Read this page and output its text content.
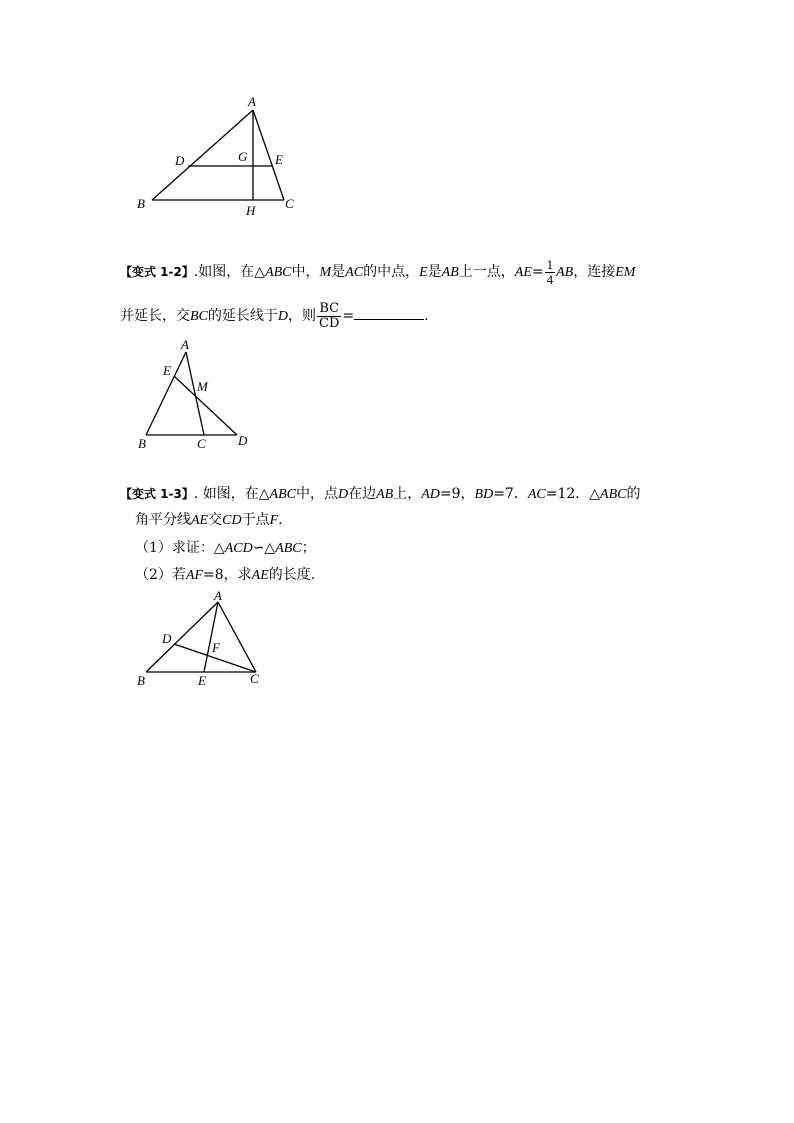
A
D	G E
B	H C
【变式 1-2】.如图，在△ABC中，M是AC的中点，E是AB上一点，$AE= \frac{1}{4}$ AB，连接EM
并延长，交BC的延长线于D，则 $\frac{BC}{CD}$ =	.
A
E
M
B	C D
【变式 1-3】. 如图，在△ABC中，点D在边AB上，AD=9，BD=7．AC=12．△ABC的
角平分线AE交CD于点F.
（1）求证：△ACD∽△ABC；
（2）若AF=8，求AE的长度.
A
D
F
B	E	C
